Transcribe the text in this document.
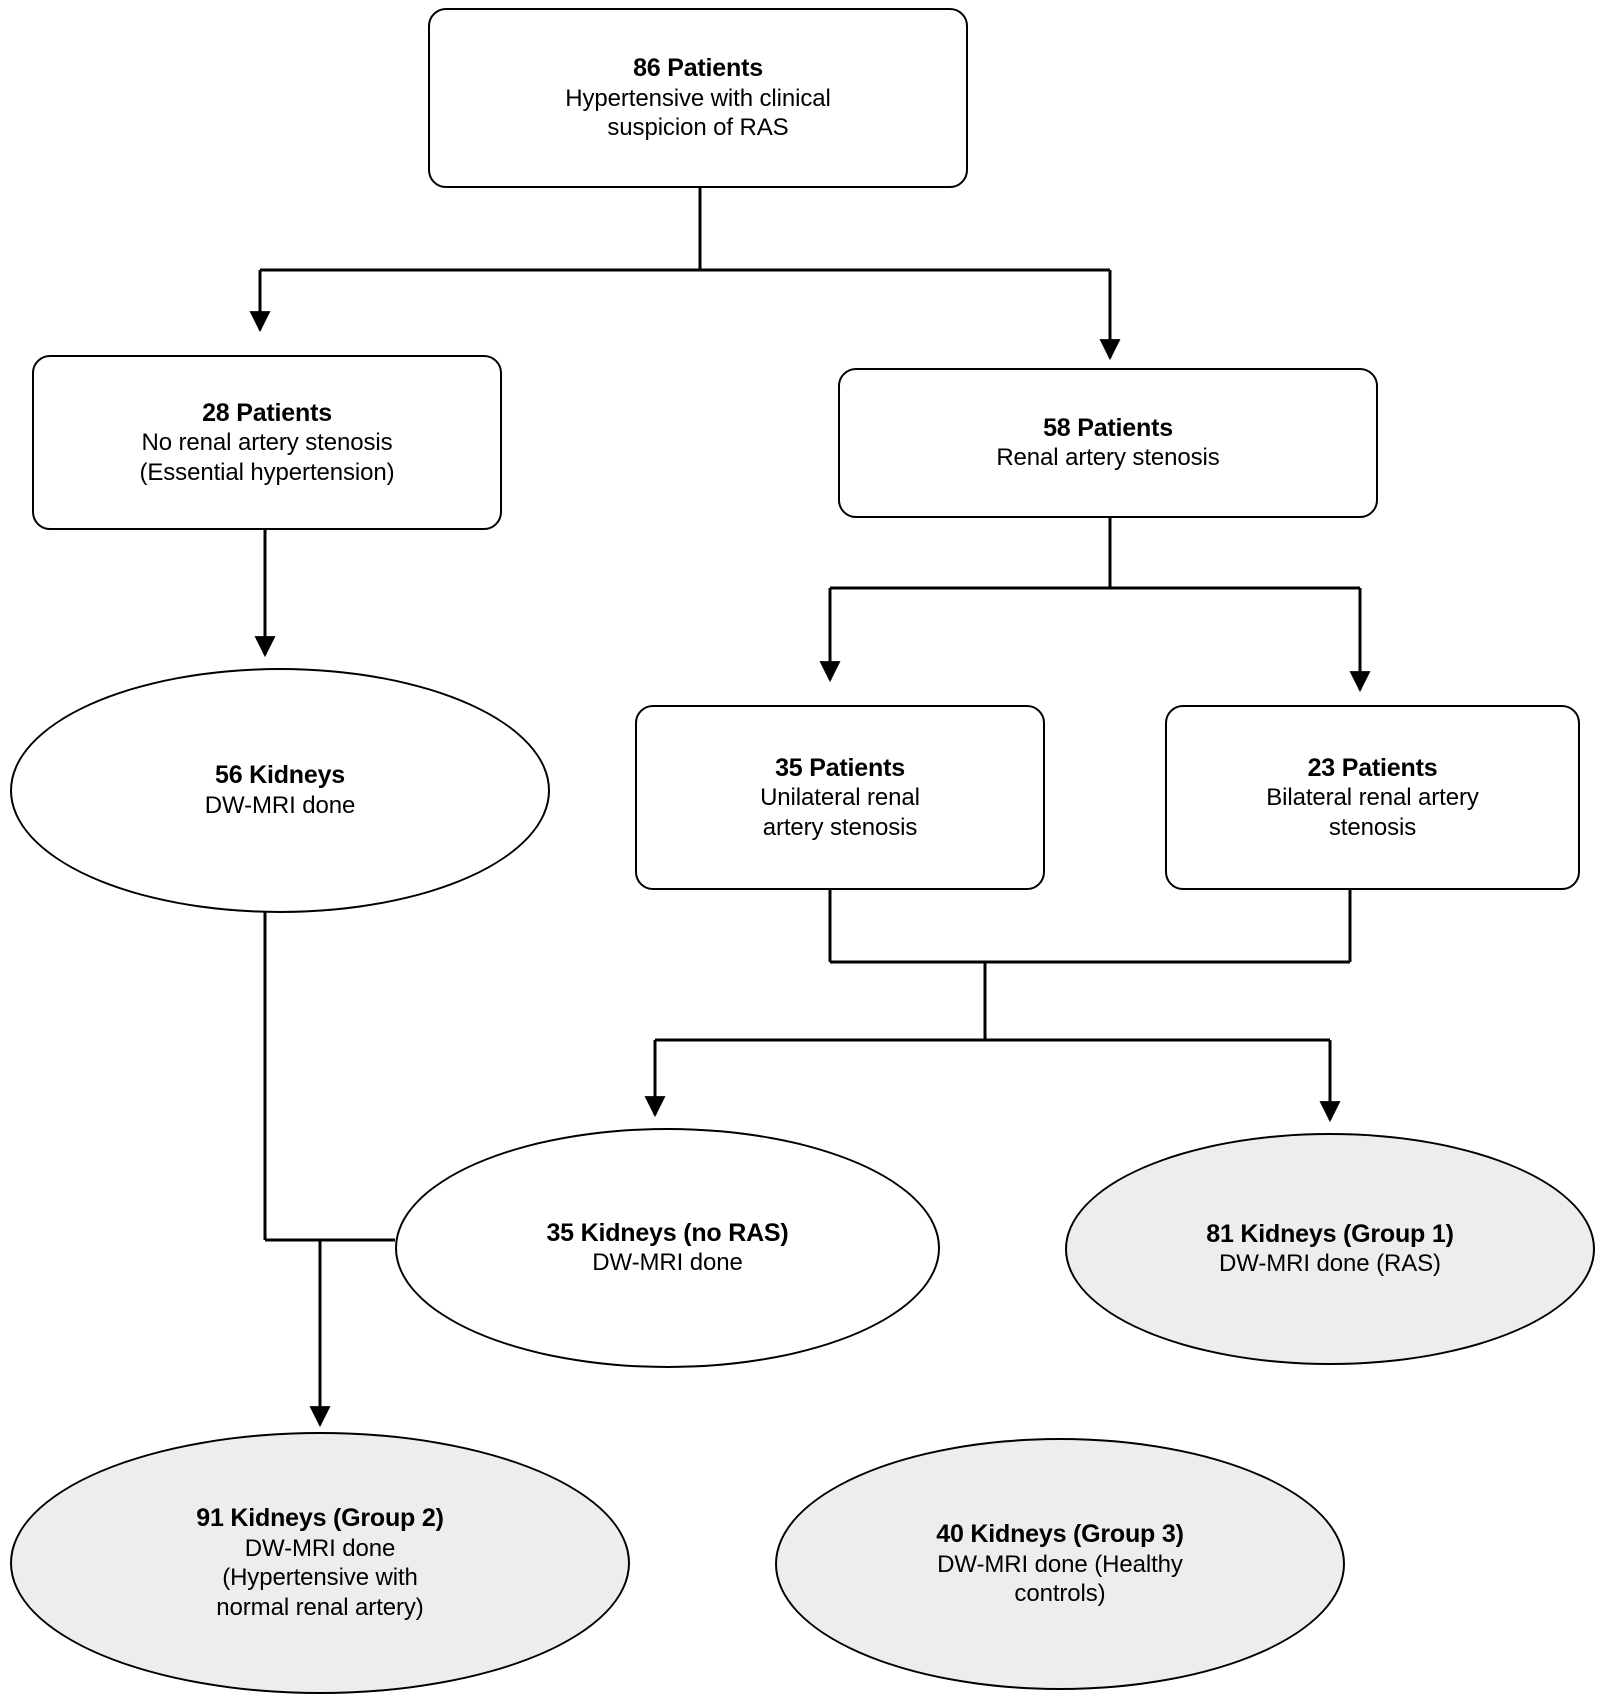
86 Patients
Hypertensive with clinical
suspicion of RAS
28 Patients
No renal artery stenosis
(Essential hypertension)
58 Patients
Renal artery stenosis
35 Patients
Unilateral renal
artery stenosis
23 Patients
Bilateral renal artery
stenosis
56 Kidneys
DW-MRI done
35 Kidneys (no RAS)
DW-MRI done
81 Kidneys (Group 1)
DW-MRI done (RAS)
91 Kidneys (Group 2)
DW-MRI done
(Hypertensive with
normal renal artery)
40 Kidneys (Group 3)
DW-MRI done (Healthy
controls)
